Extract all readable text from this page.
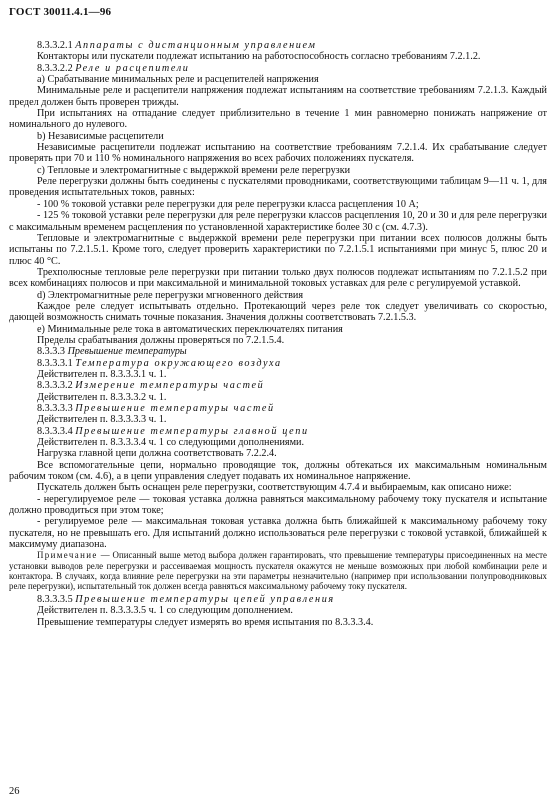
ГОСТ 30011.4.1—96

8.3.3.2.1 Аппараты с дистанционным управлением

Контакторы или пускатели подлежат испытанию на работоспособность согласно требованиям 7.2.1.2.

8.3.3.2.2 Реле и расцепители

a) Срабатывание минимальных реле и расцепителей напряжения

Минимальные реле и расцепители напряжения подлежат испытаниям на соответствие требованиям 7.2.1.3. Каждый предел должен быть проверен трижды.

При испытаниях на отпадание следует приблизительно в течение 1 мин равномерно понижать напряжение от номинального до нулевого.

b) Независимые расцепители

Независимые расцепители подлежат испытанию на соответствие требованиям 7.2.1.4. Их срабатывание следует проверять при 70 и 110 % номинального напряжения во всех рабочих положениях пускателя.

c) Тепловые и электромагнитные с выдержкой времени реле перегрузки

Реле перегрузки должны быть соединены с пускателями проводниками, соответствующими таблицам 9—11 ч. 1, для проведения испытательных токов, равных:

- 100 % токовой уставки реле перегрузки для реле перегрузки класса расцепления 10 А;

- 125 % токовой уставки реле перегрузки для реле перегрузки классов расцепления 10, 20 и 30 и для реле перегрузки с максимальным временем расцепления по установленной характеристике более 30 с (см. 4.7.3).

Тепловые и электромагнитные с выдержкой времени реле перегрузки при питании всех полюсов должны быть испытаны по 7.2.1.5.1. Кроме того, следует проверить характеристики по 7.2.1.5.1 испытаниями при минус 5, плюс 20 и плюс 40 °С.

Трехполюсные тепловые реле перегрузки при питании только двух полюсов подлежат испытаниям по 7.2.1.5.2 при всех комбинациях полюсов и при максимальной и минимальной токовых уставках для реле с регулируемой уставкой.

d) Электромагнитные реле перегрузки мгновенного действия

Каждое реле следует испытывать отдельно. Протекающий через реле ток следует увеличивать со скоростью, дающей возможность снимать точные показания. Значения должны соответствовать 7.2.1.5.3.

e) Минимальные реле тока в автоматических переключателях питания

Пределы срабатывания должны проверяться по 7.2.1.5.4.

8.3.3.3 Превышение температуры

8.3.3.3.1 Температура окружающего воздуха

Действителен п. 8.3.3.3.1 ч. 1.

8.3.3.3.2 Измерение температуры частей

Действителен п. 8.3.3.3.2 ч. 1.

8.3.3.3.3 Превышение температуры частей

Действителен п. 8.3.3.3.3 ч. 1.

8.3.3.3.4 Превышение температуры главной цепи

Действителен п. 8.3.3.3.4 ч. 1 со следующими дополнениями.

Нагрузка главной цепи должна соответствовать 7.2.2.4.

Все вспомогательные цепи, нормально проводящие ток, должны обтекаться их максимальным номинальным рабочим током (см. 4.6), а в цепи управления следует подавать их номинальное напряжение.

Пускатель должен быть оснащен реле перегрузки, соответствующим 4.7.4 и выбираемым, как описано ниже:

- нерегулируемое реле — токовая уставка должна равняться максимальному рабочему току пускателя и испытание должно проводиться при этом токе;

- регулируемое реле — максимальная токовая уставка должна быть ближайшей к максимальному рабочему току пускателя, но не превышать его. Для испытаний должно использоваться реле перегрузки с токовой уставкой, ближайшей к максимуму диапазона.

Примечание — Описанный выше метод выбора должен гарантировать, что превышение температуры присоединенных на месте установки выводов реле перегрузки и рассеиваемая мощность пускателя окажутся не меньше возможных при любой комбинации реле и контактора. В случаях, когда влияние реле перегрузки на эти параметры незначительно (например при использовании полупроводниковых реле перегрузки), испытательный ток должен всегда равняться максимальному рабочему току пускателя.

8.3.3.3.5 Превышение температуры цепей управления

Действителен п. 8.3.3.3.5 ч. 1 со следующим дополнением.

Превышение температуры следует измерять во время испытания по 8.3.3.3.4.

26
